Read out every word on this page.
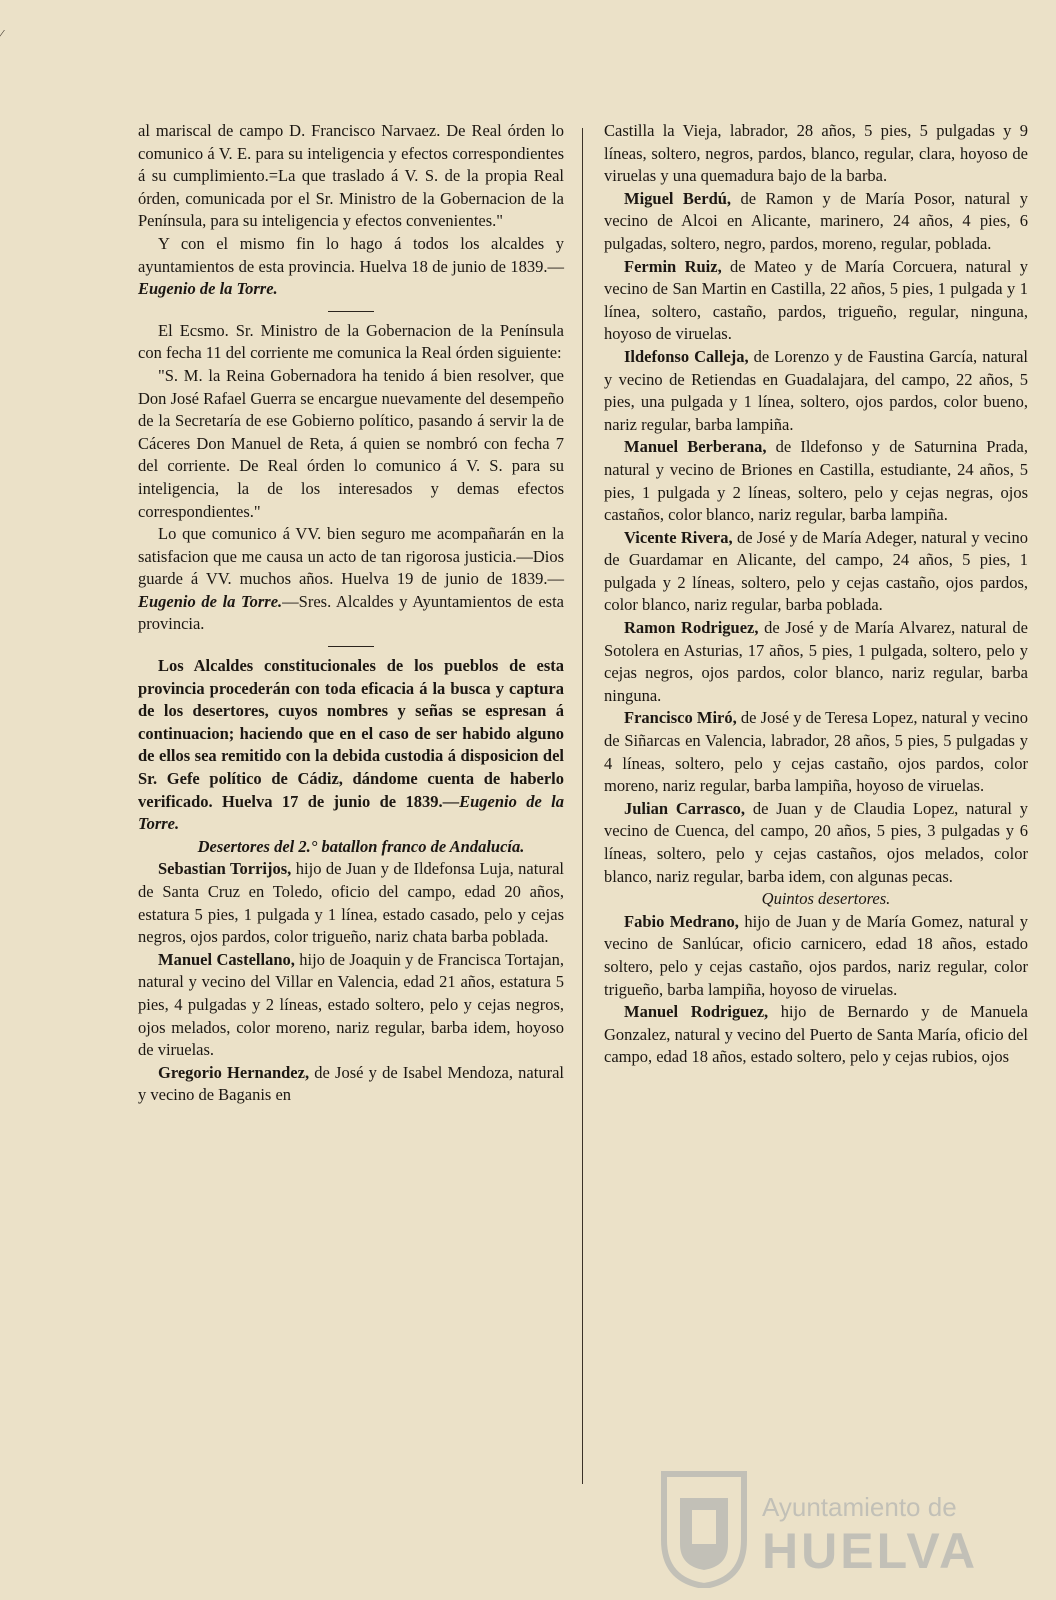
⁄

al mariscal de campo D. Francisco Narvaez. De Real órden lo comunico á V. E. para su inteligencia y efectos correspondientes á su cumplimiento.=La que traslado á V. S. de la propia Real órden, comunicada por el Sr. Ministro de la Gobernacion de la Península, para su inteligencia y efectos convenientes."

Y con el mismo fin lo hago á todos los alcaldes y ayuntamientos de esta provincia. Huelva 18 de junio de 1839.—Eugenio de la Torre.

El Ecsmo. Sr. Ministro de la Gobernacion de la Península con fecha 11 del corriente me comunica la Real órden siguiente:

"S. M. la Reina Gobernadora ha tenido á bien resolver, que Don José Rafael Guerra se encargue nuevamente del desempeño de la Secretaría de ese Gobierno político, pasando á servir la de Cáceres Don Manuel de Reta, á quien se nombró con fecha 7 del corriente. De Real órden lo comunico á V. S. para su inteligencia, la de los interesados y demas efectos correspondientes."

Lo que comunico á VV. bien seguro me acompañarán en la satisfacion que me causa un acto de tan rigorosa justicia.—Dios guarde á VV. muchos años. Huelva 19 de junio de 1839.—Eugenio de la Torre.—Sres. Alcaldes y Ayuntamientos de esta provincia.

Los Alcaldes constitucionales de los pueblos de esta provincia procederán con toda eficacia á la busca y captura de los desertores, cuyos nombres y señas se espresan á continuacion; haciendo que en el caso de ser habido alguno de ellos sea remitido con la debida custodia á disposicion del Sr. Gefe político de Cádiz, dándome cuenta de haberlo verificado. Huelva 17 de junio de 1839.—Eugenio de la Torre.

Desertores del 2.° batallon franco de Andalucía.

Sebastian Torrijos, hijo de Juan y de Ildefonsa Luja, natural de Santa Cruz en Toledo, oficio del campo, edad 20 años, estatura 5 pies, 1 pulgada y 1 línea, estado casado, pelo y cejas negros, ojos pardos, color trigueño, nariz chata barba poblada.

Manuel Castellano, hijo de Joaquin y de Francisca Tortajan, natural y vecino del Villar en Valencia, edad 21 años, estatura 5 pies, 4 pulgadas y 2 líneas, estado soltero, pelo y cejas negros, ojos melados, color moreno, nariz regular, barba idem, hoyoso de viruelas.

Gregorio Hernandez, de José y de Isabel Mendoza, natural y vecino de Baganis en

Castilla la Vieja, labrador, 28 años, 5 pies, 5 pulgadas y 9 líneas, soltero, negros, pardos, blanco, regular, clara, hoyoso de viruelas y una quemadura bajo de la barba.

Miguel Berdú, de Ramon y de María Posor, natural y vecino de Alcoi en Alicante, marinero, 24 años, 4 pies, 6 pulgadas, soltero, negro, pardos, moreno, regular, poblada.

Fermin Ruiz, de Mateo y de María Corcuera, natural y vecino de San Martin en Castilla, 22 años, 5 pies, 1 pulgada y 1 línea, soltero, castaño, pardos, trigueño, regular, ninguna, hoyoso de viruelas.

Ildefonso Calleja, de Lorenzo y de Faustina García, natural y vecino de Retiendas en Guadalajara, del campo, 22 años, 5 pies, una pulgada y 1 línea, soltero, ojos pardos, color bueno, nariz regular, barba lampiña.

Manuel Berberana, de Ildefonso y de Saturnina Prada, natural y vecino de Briones en Castilla, estudiante, 24 años, 5 pies, 1 pulgada y 2 líneas, soltero, pelo y cejas negras, ojos castaños, color blanco, nariz regular, barba lampiña.

Vicente Rivera, de José y de María Adeger, natural y vecino de Guardamar en Alicante, del campo, 24 años, 5 pies, 1 pulgada y 2 líneas, soltero, pelo y cejas castaño, ojos pardos, color blanco, nariz regular, barba poblada.

Ramon Rodriguez, de José y de María Alvarez, natural de Sotolera en Asturias, 17 años, 5 pies, 1 pulgada, soltero, pelo y cejas negros, ojos pardos, color blanco, nariz regular, barba ninguna.

Francisco Miró, de José y de Teresa Lopez, natural y vecino de Siñarcas en Valencia, labrador, 28 años, 5 pies, 5 pulgadas y 4 líneas, soltero, pelo y cejas castaño, ojos pardos, color moreno, nariz regular, barba lampiña, hoyoso de viruelas.

Julian Carrasco, de Juan y de Claudia Lopez, natural y vecino de Cuenca, del campo, 20 años, 5 pies, 3 pulgadas y 6 líneas, soltero, pelo y cejas castaños, ojos melados, color blanco, nariz regular, barba idem, con algunas pecas.

Quintos desertores.

Fabio Medrano, hijo de Juan y de María Gomez, natural y vecino de Sanlúcar, oficio carnicero, edad 18 años, estado soltero, pelo y cejas castaño, ojos pardos, nariz regular, color trigueño, barba lampiña, hoyoso de viruelas.

Manuel Rodriguez, hijo de Bernardo y de Manuela Gonzalez, natural y vecino del Puerto de Santa María, oficio del campo, edad 18 años, estado soltero, pelo y cejas rubios, ojos

Ayuntamiento de
HUELVA
